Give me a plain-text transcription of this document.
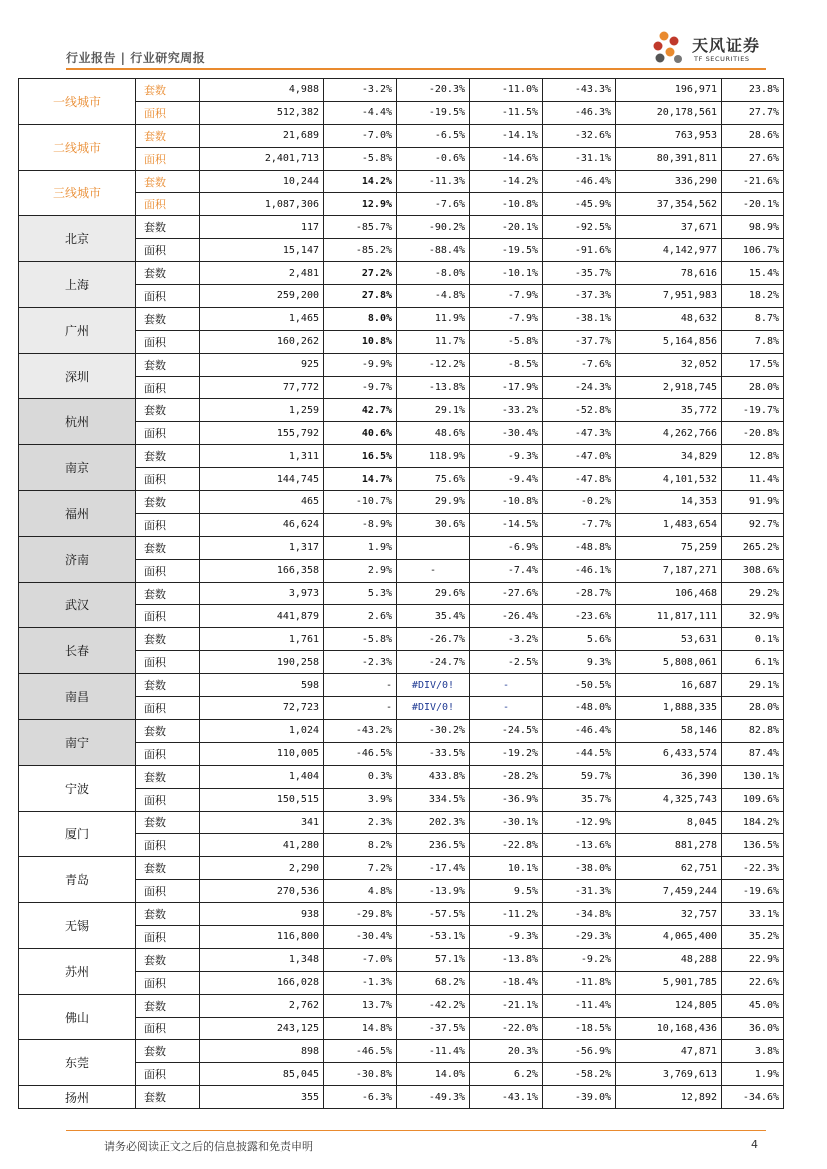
行业报告 | 行业研究周报
天风证券
TF SECURITIES
一线城市	套数	4,988	-3.2%	-20.3%	-11.0%	-43.3%	196,971	23.8%
	面积	512,382	-4.4%	-19.5%	-11.5%	-46.3%	20,178,561	27.7%
二线城市	套数	21,689	-7.0%	-6.5%	-14.1%	-32.6%	763,953	28.6%
	面积	2,401,713	-5.8%	-0.6%	-14.6%	-31.1%	80,391,811	27.6%
三线城市	套数	10,244	14.2%	-11.3%	-14.2%	-46.4%	336,290	-21.6%
	面积	1,087,306	12.9%	-7.6%	-10.8%	-45.9%	37,354,562	-20.1%
北京	套数	117	-85.7%	-90.2%	-20.1%	-92.5%	37,671	98.9%
	面积	15,147	-85.2%	-88.4%	-19.5%	-91.6%	4,142,977	106.7%
上海	套数	2,481	27.2%	-8.0%	-10.1%	-35.7%	78,616	15.4%
	面积	259,200	27.8%	-4.8%	-7.9%	-37.3%	7,951,983	18.2%
广州	套数	1,465	8.0%	11.9%	-7.9%	-38.1%	48,632	8.7%
	面积	160,262	10.8%	11.7%	-5.8%	-37.7%	5,164,856	7.8%
深圳	套数	925	-9.9%	-12.2%	-8.5%	-7.6%	32,052	17.5%
	面积	77,772	-9.7%	-13.8%	-17.9%	-24.3%	2,918,745	28.0%
杭州	套数	1,259	42.7%	29.1%	-33.2%	-52.8%	35,772	-19.7%
	面积	155,792	40.6%	48.6%	-30.4%	-47.3%	4,262,766	-20.8%
南京	套数	1,311	16.5%	118.9%	-9.3%	-47.0%	34,829	12.8%
	面积	144,745	14.7%	75.6%	-9.4%	-47.8%	4,101,532	11.4%
福州	套数	465	-10.7%	29.9%	-10.8%	-0.2%	14,353	91.9%
	面积	46,624	-8.9%	30.6%	-14.5%	-7.7%	1,483,654	92.7%
济南	套数	1,317	1.9%		-6.9%	-48.8%	75,259	265.2%
	面积	166,358	2.9%	-	-7.4%	-46.1%	7,187,271	308.6%
武汉	套数	3,973	5.3%	29.6%	-27.6%	-28.7%	106,468	29.2%
	面积	441,879	2.6%	35.4%	-26.4%	-23.6%	11,817,111	32.9%
长春	套数	1,761	-5.8%	-26.7%	-3.2%	5.6%	53,631	0.1%
	面积	190,258	-2.3%	-24.7%	-2.5%	9.3%	5,808,061	6.1%
南昌	套数	598	-	#DIV/0!	-	-50.5%	16,687	29.1%
	面积	72,723	-	#DIV/0!	-	-48.0%	1,888,335	28.0%
南宁	套数	1,024	-43.2%	-30.2%	-24.5%	-46.4%	58,146	82.8%
	面积	110,005	-46.5%	-33.5%	-19.2%	-44.5%	6,433,574	87.4%
宁波	套数	1,404	0.3%	433.8%	-28.2%	59.7%	36,390	130.1%
	面积	150,515	3.9%	334.5%	-36.9%	35.7%	4,325,743	109.6%
厦门	套数	341	2.3%	202.3%	-30.1%	-12.9%	8,045	184.2%
	面积	41,280	8.2%	236.5%	-22.8%	-13.6%	881,278	136.5%
青岛	套数	2,290	7.2%	-17.4%	10.1%	-38.0%	62,751	-22.3%
	面积	270,536	4.8%	-13.9%	9.5%	-31.3%	7,459,244	-19.6%
无锡	套数	938	-29.8%	-57.5%	-11.2%	-34.8%	32,757	33.1%
	面积	116,800	-30.4%	-53.1%	-9.3%	-29.3%	4,065,400	35.2%
苏州	套数	1,348	-7.0%	57.1%	-13.8%	-9.2%	48,288	22.9%
	面积	166,028	-1.3%	68.2%	-18.4%	-11.8%	5,901,785	22.6%
佛山	套数	2,762	13.7%	-42.2%	-21.1%	-11.4%	124,805	45.0%
	面积	243,125	14.8%	-37.5%	-22.0%	-18.5%	10,168,436	36.0%
东莞	套数	898	-46.5%	-11.4%	20.3%	-56.9%	47,871	3.8%
	面积	85,045	-30.8%	14.0%	6.2%	-58.2%	3,769,613	1.9%
扬州	套数	355	-6.3%	-49.3%	-43.1%	-39.0%	12,892	-34.6%
请务必阅读正文之后的信息披露和免责申明	4
